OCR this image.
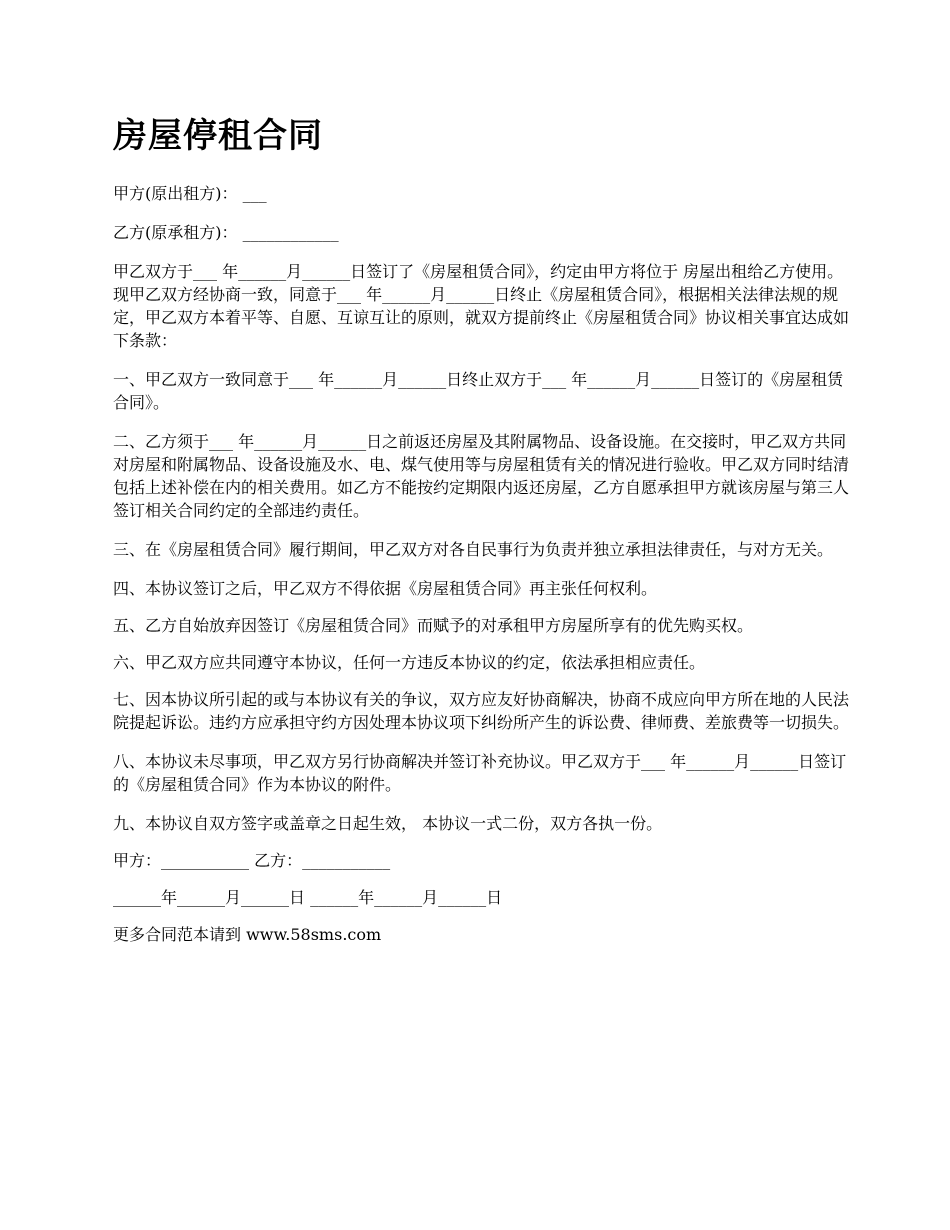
房屋停租合同

甲方(原出租方)： ___

乙方(原承租方)： ____________

甲乙双方于___ 年______月______日签订了《房屋租赁合同》，约定由甲方将位于 房屋出租给乙方使用。现甲乙双方经协商一致，同意于___ 年______月______日终止《房屋租赁合同》，根据相关法律法规的规定，甲乙双方本着平等、自愿、互谅互让的原则，就双方提前终止《房屋租赁合同》协议相关事宜达成如下条款：

一、甲乙双方一致同意于___ 年______月______日终止双方于___ 年______月______日签订的《房屋租赁合同》。

二、乙方须于___ 年______月______日之前返还房屋及其附属物品、设备设施。在交接时，甲乙双方共同对房屋和附属物品、设备设施及水、电、煤气使用等与房屋租赁有关的情况进行验收。甲乙双方同时结清包括上述补偿在内的相关费用。如乙方不能按约定期限内返还房屋，乙方自愿承担甲方就该房屋与第三人签订相关合同约定的全部违约责任。

三、在《房屋租赁合同》履行期间，甲乙双方对各自民事行为负责并独立承担法律责任，与对方无关。

四、本协议签订之后，甲乙双方不得依据《房屋租赁合同》再主张任何权利。

五、乙方自始放弃因签订《房屋租赁合同》而赋予的对承租甲方房屋所享有的优先购买权。

六、甲乙双方应共同遵守本协议，任何一方违反本协议的约定，依法承担相应责任。

七、因本协议所引起的或与本协议有关的争议，双方应友好协商解决，协商不成应向甲方所在地的人民法院提起诉讼。违约方应承担守约方因处理本协议项下纠纷所产生的诉讼费、律师费、差旅费等一切损失。

八、本协议未尽事项，甲乙双方另行协商解决并签订补充协议。甲乙双方于___ 年______月______日签订的《房屋租赁合同》作为本协议的附件。

九、本协议自双方签字或盖章之日起生效， 本协议一式二份，双方各执一份。

甲方：___________ 乙方：___________

______年______月______日 ______年______月______日

更多合同范本请到 www.58sms.com
